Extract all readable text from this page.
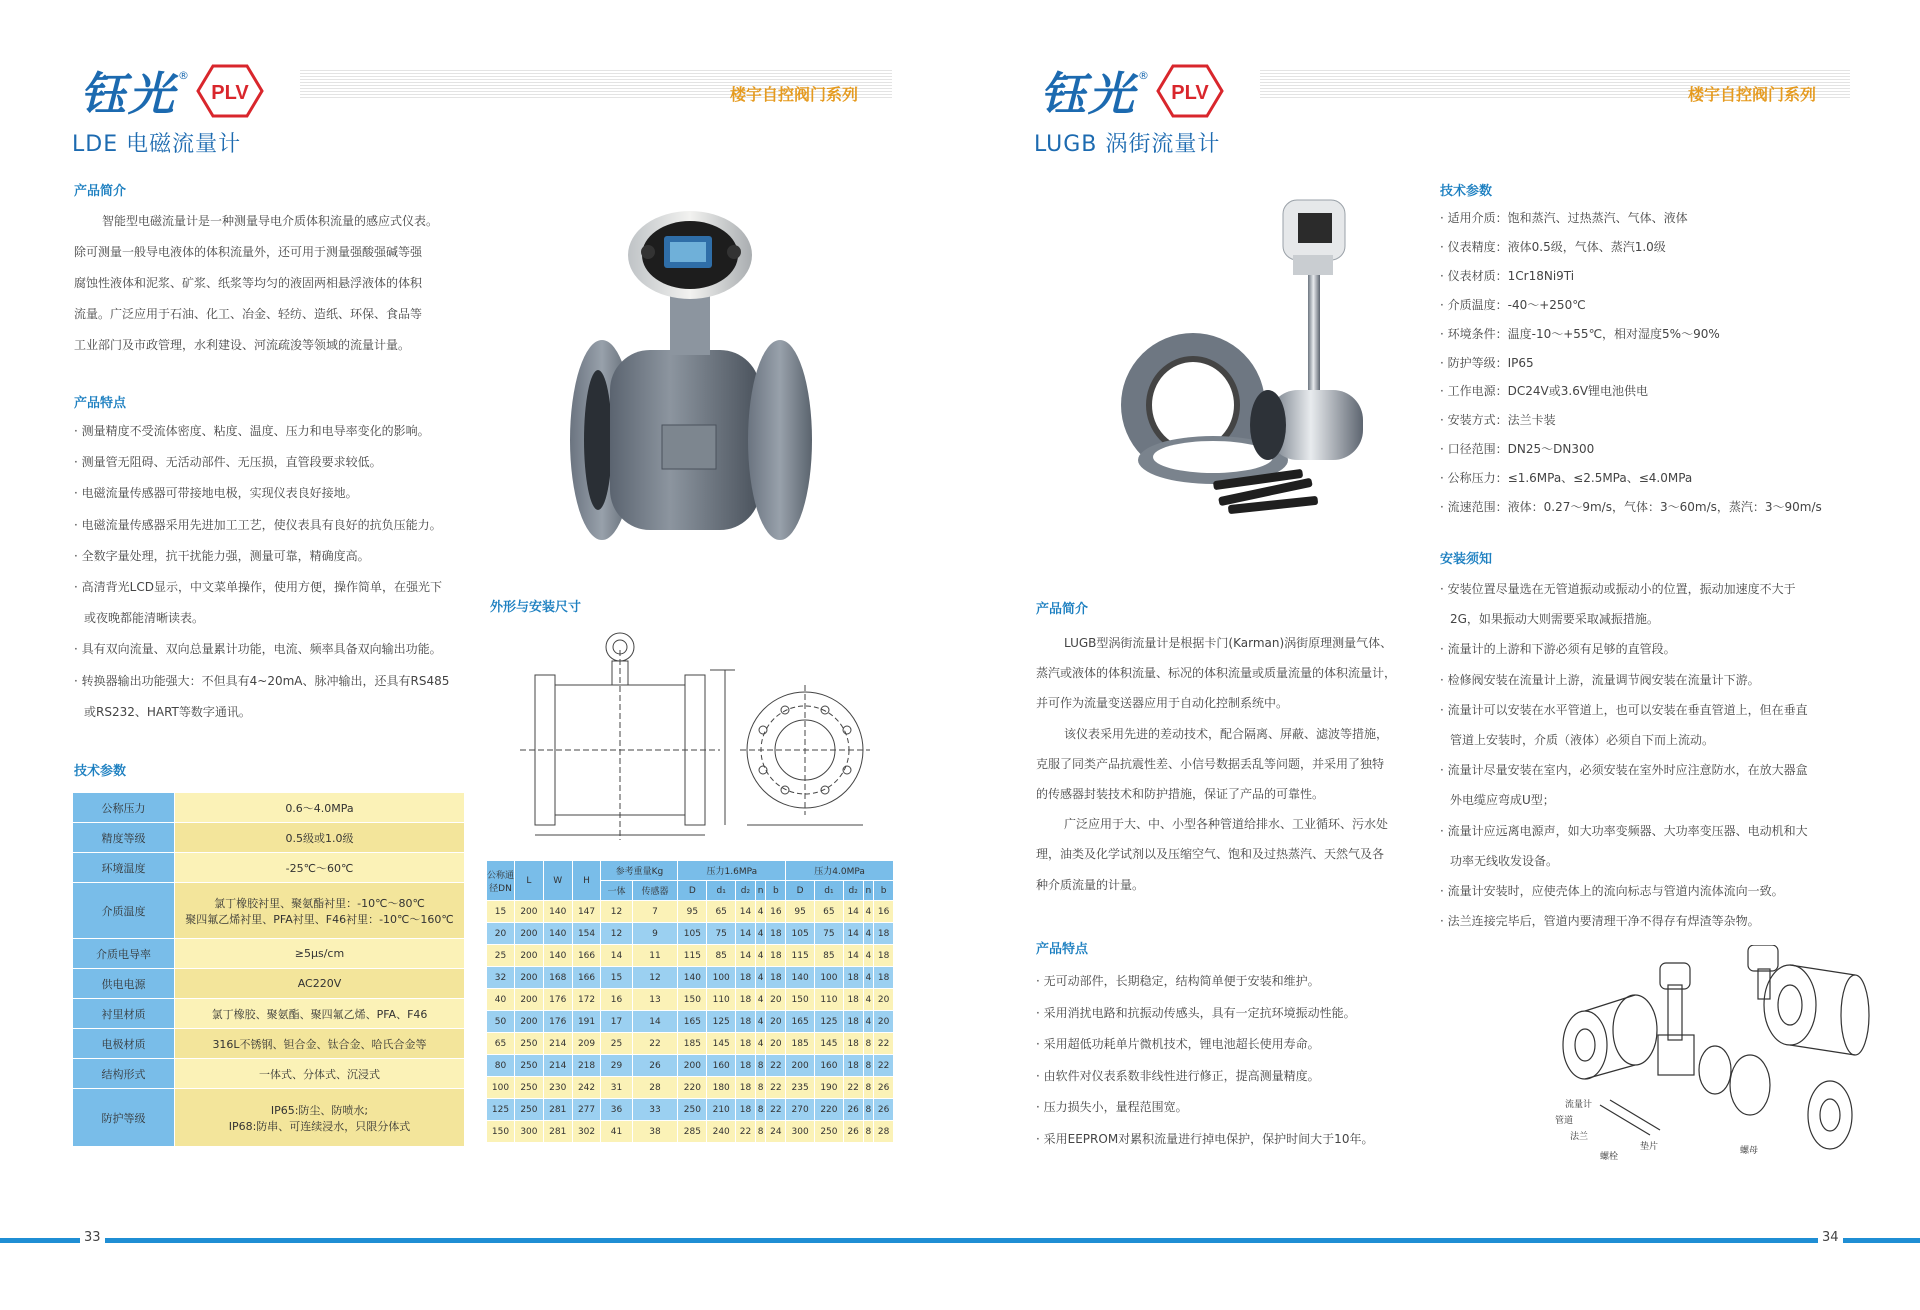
钰光 ®
PLV	楼宇自控阀门系列
LDE 电磁流量计
产品简介
智能型电磁流量计是一种测量导电介质体积流量的感应式仪表。
除可测量一般导电液体的体积流量外，还可用于测量强酸强碱等强
腐蚀性液体和泥浆、矿浆、纸浆等均匀的液固两相悬浮液体的体积
流量。广泛应用于石油、化工、冶金、轻纺、造纸、环保、食品等
工业部门及市政管理，水利建设、河流疏浚等领域的流量计量。
产品特点
· 测量精度不受流体密度、粘度、温度、压力和电导率变化的影响。
· 测量管无阻碍、无活动部件、无压损，直管段要求较低。
· 电磁流量传感器可带接地电极，实现仪表良好接地。
· 电磁流量传感器采用先进加工工艺，使仪表具有良好的抗负压能力。
· 全数字量处理，抗干扰能力强，测量可靠，精确度高。
· 高清背光LCD显示，中文菜单操作，使用方便，操作简单，在强光下
或夜晚都能清晰读表。
· 具有双向流量、双向总量累计功能，电流、频率具备双向输出功能。
· 转换器输出功能强大：不但具有4~20mA、脉冲输出，还具有RS485
或RS232、HART等数字通讯。
技术参数
公称压力	0.6～4.0MPa
精度等级	0.5级或1.0级
环境温度	-25℃～60℃
介质温度	氯丁橡胶衬里、聚氨酯衬里：-10℃～80℃
聚四氟乙烯衬里、PFA衬里、F46衬里：-10℃～160℃

介质电导率	≥5μs/cm
供电电源	AC220V
衬里材质	氯丁橡胶、聚氨酯、聚四氟乙烯、PFA、F46
电极材质	316L不锈钢、钽合金、钛合金、哈氏合金等
结构形式	一体式、分体式、沉浸式
防护等级	IP65:防尘、防喷水;
IP68:防串、可连续浸水，只限分体式
外形与安装尺寸
公称通径DN	L	W	H	参考重量Kg		压力1.6MPa					压力4.0MPa				
				一体	传感器	D	d₁	d₂	n	b	D	d₁	d₂	n	b
15	200	140	147	12	7	95	65	14	4	16	95	65	14	4	16
20	200	140	154	12	9	105	75	14	4	18	105	75	14	4	18
25	200	140	166	14	11	115	85	14	4	18	115	85	14	4	18
32	200	168	166	15	12	140	100	18	4	18	140	100	18	4	18
40	200	176	172	16	13	150	110	18	4	20	150	110	18	4	20
50	200	176	191	17	14	165	125	18	4	20	165	125	18	4	20
65	250	214	209	25	22	185	145	18	4	20	185	145	18	8	22
80	250	214	218	29	26	200	160	18	8	22	200	160	18	8	22
100	250	230	242	31	28	220	180	18	8	22	235	190	22	8	26
125	250	281	277	36	33	250	210	18	8	22	270	220	26	8	26
150	300	281	302	41	38	285	240	22	8	24	300	250	26	8	28
33
钰光 ®
PLV	楼宇自控阀门系列
LUGB 涡街流量计
技术参数
· 适用介质：饱和蒸汽、过热蒸汽、气体、液体
· 仪表精度：液体0.5级，气体、蒸汽1.0级
· 仪表材质：1Cr18Ni9Ti
· 介质温度：-40～+250℃
· 环境条件：温度-10～+55℃，相对湿度5%～90%
· 防护等级：IP65
· 工作电源：DC24V或3.6V锂电池供电
· 安装方式：法兰卡装
· 口径范围：DN25～DN300
· 公称压力：≤1.6MPa、≤2.5MPa、≤4.0MPa
· 流速范围：液体：0.27～9m/s，气体：3～60m/s，蒸汽：3～90m/s
安装须知
· 安装位置尽量选在无管道振动或振动小的位置，振动加速度不大于
2G，如果振动大则需要采取减振措施。
· 流量计的上游和下游必须有足够的直管段。
· 检修阀安装在流量计上游，流量调节阀安装在流量计下游。
· 流量计可以安装在水平管道上，也可以安装在垂直管道上，但在垂直
管道上安装时，介质（液体）必须自下而上流动。
· 流量计尽量安装在室内，必须安装在室外时应注意防水，在放大器盒
外电缆应弯成U型；
· 流量计应远离电源声，如大功率变频器、大功率变压器、电动机和大
功率无线收发设备。
· 流量计安装时，应使壳体上的流向标志与管道内流体流向一致。
· 法兰连接完毕后，管道内要清理干净不得存有焊渣等杂物。
产品简介
LUGB型涡街流量计是根据卡门(Karman)涡街原理测量气体、
蒸汽或液体的体积流量、标况的体积流量或质量流量的体积流量计，
并可作为流量变送器应用于自动化控制系统中。
该仪表采用先进的差动技术，配合隔离、屏蔽、滤波等措施，
克服了同类产品抗震性差、小信号数据丢乱等问题，并采用了独特
的传感器封装技术和防护措施，保证了产品的可靠性。
广泛应用于大、中、小型各种管道给排水、工业循环、污水处
理，油类及化学试剂以及压缩空气、饱和及过热蒸汽、天然气及各
种介质流量的计量。
产品特点
· 无可动部件，长期稳定，结构简单便于安装和维护。
· 采用消扰电路和抗振动传感头，具有一定抗环境振动性能。
· 采用超低功耗单片微机技术，锂电池超长使用寿命。
· 由软件对仪表系数非线性进行修正，提高测量精度。
· 压力损失小，量程范围宽。
· 采用EEPROM对累积流量进行掉电保护，保护时间大于10年。
流量计
管道
法兰
垫片
螺栓
螺母
34
